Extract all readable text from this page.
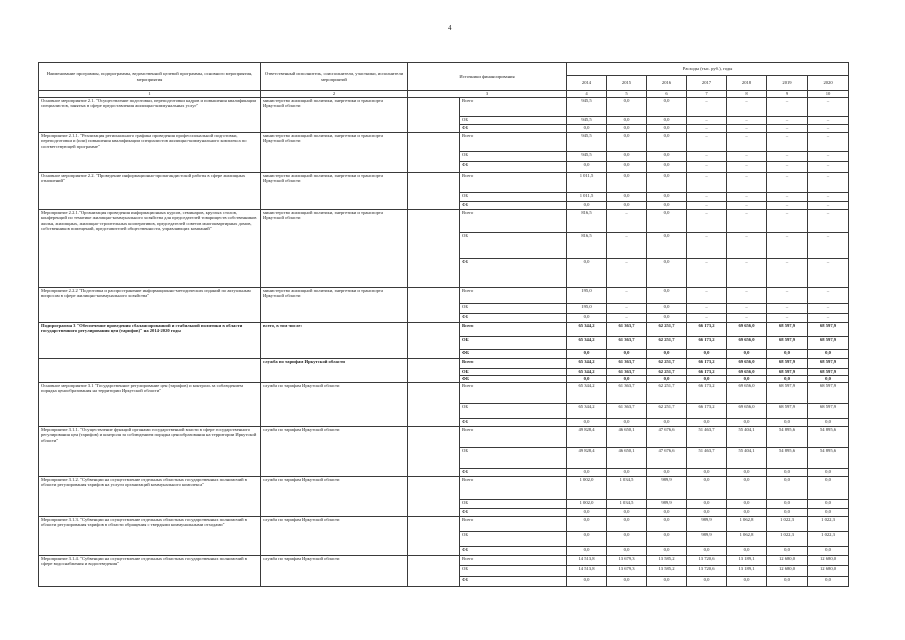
4
Наименование программы, подпрограммы, ведомственной целевой программы, основного мероприятия, мероприятия	Ответственный исполнитель, соисполнители, участники, исполнители мероприятий	Источники финансирования		Расходы (тыс. руб.), годы						
				2014	2015	2016	2017	2018	2019	2020
1	2	3		4	5	6	7	8	9	10
Основное мероприятие 2.1. "Осуществление подготовки, переподготовки кадров и повышения квалификации специалистов, занятых в сфере предоставления жилищно-коммунальных услуг"	министерство жилищной политики, энергетики и транспорта Иркутской области		Всего	945,5	0,0	0,0	–	–	–	–
			ОБ	945,5	0,0	0,0	–	–	–	–
			ФБ	0,0	0,0	0,0	–	–	–	–
Мероприятие 2.1.1. "Реализация регионального графика проведения профессиональной подготовки, переподготовки и (или) повышения квалификации специалистов жилищно-коммунального комплекса по соответствующей программе"	министерство жилищной политики, энергетики и транспорта Иркутской области		Всего	945,5	0,0	0,0	–	–	–	–
			ОБ	945,5	0,0	0,0	–	–	–	–
			ФБ	0,0	0,0	0,0	–	–	–	–
Основное мероприятие 2.2. "Проведение информационно-пропагандистской работы в сфере жилищных отношений"	министерство жилищной политики, энергетики и транспорта Иркутской области		Всего	1 011,5	0,0	0,0	–	–	–	–
			ОБ	1 011,5	0,0	0,0	–	–	–	–
			ФБ	0,0	0,0	0,0	–	–	–	–
Мероприятие 2.2.1."Организация проведения информационных курсов, семинаров, круглых столов, конференций по тематике жилищно-коммунального хозяйства для председателей товариществ собственников жилья, жилищных, жилищно-строительных кооперативов, председателей советов многоквартирных домов, собственников помещений, представителей общественности, управляющих компаний"	министерство жилищной политики, энергетики и транспорта Иркутской области		Всего	816,5	–	0,0	–	–	–	–
			ОБ	816,5	–	0,0	–	–	–	–
			ФБ	0,0	–	0,0	–	–	–	–
Мероприятие 2.2.2 "Подготовка и распространение информационно-методических изданий по актуальным вопросам в сфере жилищно-коммунального хозяйства"	министерство жилищной политики, энергетики и транспорта Иркутской области		Всего	195,0	–	0,0	–	–	–	–
			ОБ	195,0	–	0,0	–	–	–	–
			ФБ	0,0	–	0,0	–	–	–	–
Подпрограмма 3 "Обеспечение проведения сбалансированной и стабильной политики в области государственного регулирования цен (тарифов)" на 2014-2020 годы	всего, в том числе:		Всего	65 344,2	61 363,7	62 251,7	66 173,2	69 656,0	68 597,9	68 597,9
			ОБ	65 344,2	61 363,7	62 251,7	66 173,2	69 656,0	68 597,9	68 597,9
			ФБ	0,0	0,0	0,0	0,0	0,0	0,0	0,0
	служба по тарифам Иркутской области		Всего	65 344,2	61 363,7	62 251,7	66 173,2	69 656,0	68 597,9	68 597,9
			ОБ	65 344,2	61 363,7	62 251,7	66 173,2	69 656,0	68 597,9	68 597,9
			ФБ	0,0	0,0	0,0	0,0	0,0	0,0	0,0
Основное мероприятие 3.1 "Государственное регулирование цен (тарифов) и контроль за соблюдением порядка ценообразования на территории Иркутской области"	служба по тарифам Иркутской области		Всего	65 344,2	61 363,7	62 251,7	66 173,2	69 656,0	68 597,9	68 597,9
			ОБ	65 344,2	61 363,7	62 251,7	66 173,2	69 656,0	68 597,9	68 597,9
			ФБ	0,0	0,0	0,0	0,0	0,0	0,0	0,0
Мероприятие 3.1.1. "Осуществление функций органами государственной власти в сфере государственного регулирования цен (тарифов) и контроля за соблюдением порядка ценообразования на территории Иркутской области"	служба по тарифам Иркутской области		Всего	49 828,4	46 650,1	47 676,6	51 463,7	55 404,1	54 895,6	54 895,6
			ОБ	49 828,4	46 650,1	47 676,6	51 463,7	55 404,1	54 895,6	54 895,6
			ФБ	0,0	0,0	0,0	0,0	0,0	0,0	0,0
Мероприятие 3.1.2. "Субвенции на осуществление отдельных областных государственных полномочий в области регулирования тарифов на услуги организаций коммунального комплекса"	служба по тарифам Иркутской области		Всего	1 002,0	1 034,5	989,9	0,0	0,0	0,0	0,0
			ОБ	1 002,0	1 034,5	989,9	0,0	0,0	0,0	0,0
			ФБ	0,0	0,0	0,0	0,0	0,0	0,0	0,0
Мероприятие 3.1.3. "Субвенции на осуществление отдельных областных государственных полномочий в области регулирования тарифов в области обращения с твердыми коммунальными отходами"	служба по тарифам Иркутской области		Всего	0,0	0,0	0,0	989,9	1 062,8	1 022,3	1 022,3
			ОБ	0,0	0,0	0,0	989,9	1 062,8	1 022,3	1 022,3
			ФБ	0,0	0,0	0,0	0,0	0,0	0,0	0,0
Мероприятие 3.1.4. "Субвенции на осуществление отдельных областных государственных полномочий в сфере водоснабжения и водоотведения"	служба по тарифам Иркутской области		Всего	14 513,8	13 679,3	13 585,2	13 720,6	13 189,1	12 680,0	12 680,0
			ОБ	14 513,8	13 679,3	13 585,2	13 720,6	13 189,1	12 680,0	12 680,0
			ФБ	0,0	0,0	0,0	0,0	0,0	0,0	0,0
